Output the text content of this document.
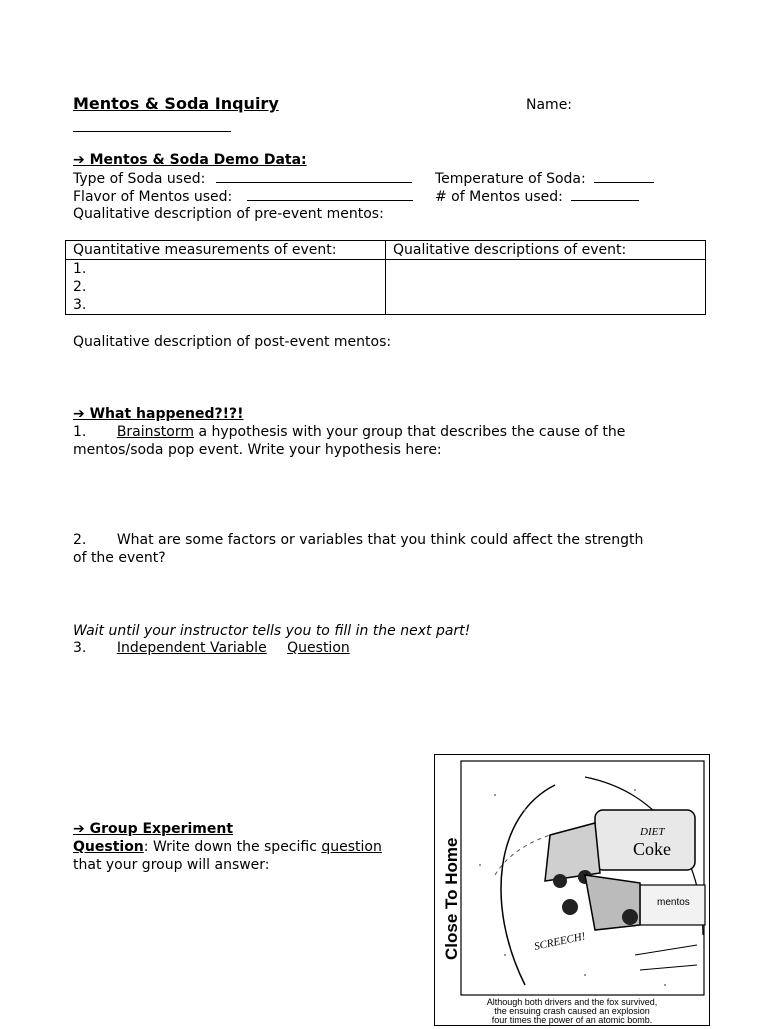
Mentos & Soda Inquiry	Name:
➔ Mentos & Soda Demo Data:
Type of Soda used:	Temperature of Soda:
Flavor of Mentos used:	# of Mentos used:
Qualitative description of pre-event mentos:
Quantitative measurements of event:	Qualitative descriptions of event:

1.
2.
3.	

Qualitative description of post-event mentos:
➔ What happened?!?!
1. Brainstorm a hypothesis with your group that describes the cause of the
mentos/soda pop event. Write your hypothesis here:
2. What are some factors or variables that you think could affect the strength
of the event?
Wait until your instructor tells you to fill in the next part!
3. Independent Variable Question
➔ Group Experiment
Question: Write down the specific question
that your group will answer:	Close To Home
DIET
Coke
mentos
SCREECH!
Although both drivers and the fox survived,
the ensuing crash caused an explosion
four times the power of an atomic bomb.
